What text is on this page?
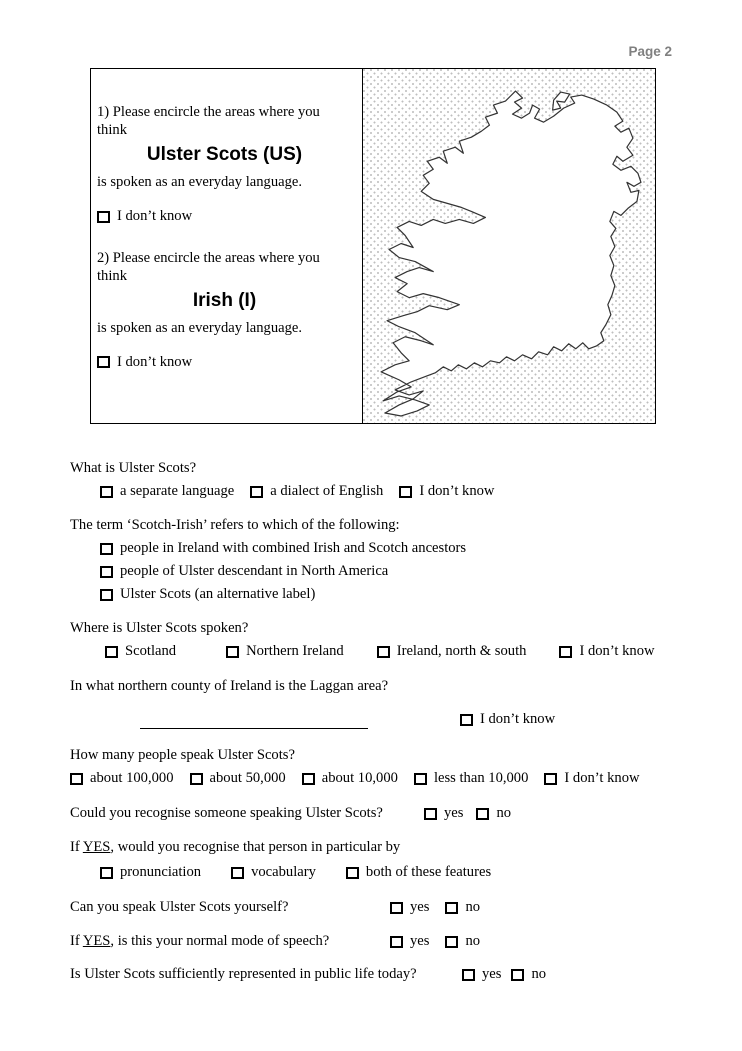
Page 2

1) Please encircle the areas where you think

Ulster Scots (US)

is spoken as an everyday language.

I don’t know

2) Please encircle the areas where you think

Irish (I)

is spoken as an everyday language.

I don’t know
What is Ulster Scots?
a separate language a dialect of English I don’t know
The term ‘Scotch-Irish’ refers to which of the following:
people in Ireland with combined Irish and Scotch ancestors
people of Ulster descendant in North America
Ulster Scots (an alternative label)
Where is Ulster Scots spoken?
Scotland	Northern Ireland	Ireland, north & south	I don’t know
In what northern county of Ireland is the Laggan area?
I don’t know
How many people speak Ulster Scots?
about 100,000 about 50,000 about 10,000 less than 10,000 I don’t know
Could you recognise someone speaking Ulster Scots?	yes no
If YES, would you recognise that person in particular by
pronunciation	vocabulary	both of these features
Can you speak Ulster Scots yourself?	yes no
If YES, is this your normal mode of speech?	yes no
Is Ulster Scots sufficiently represented in public life today?	yes no
